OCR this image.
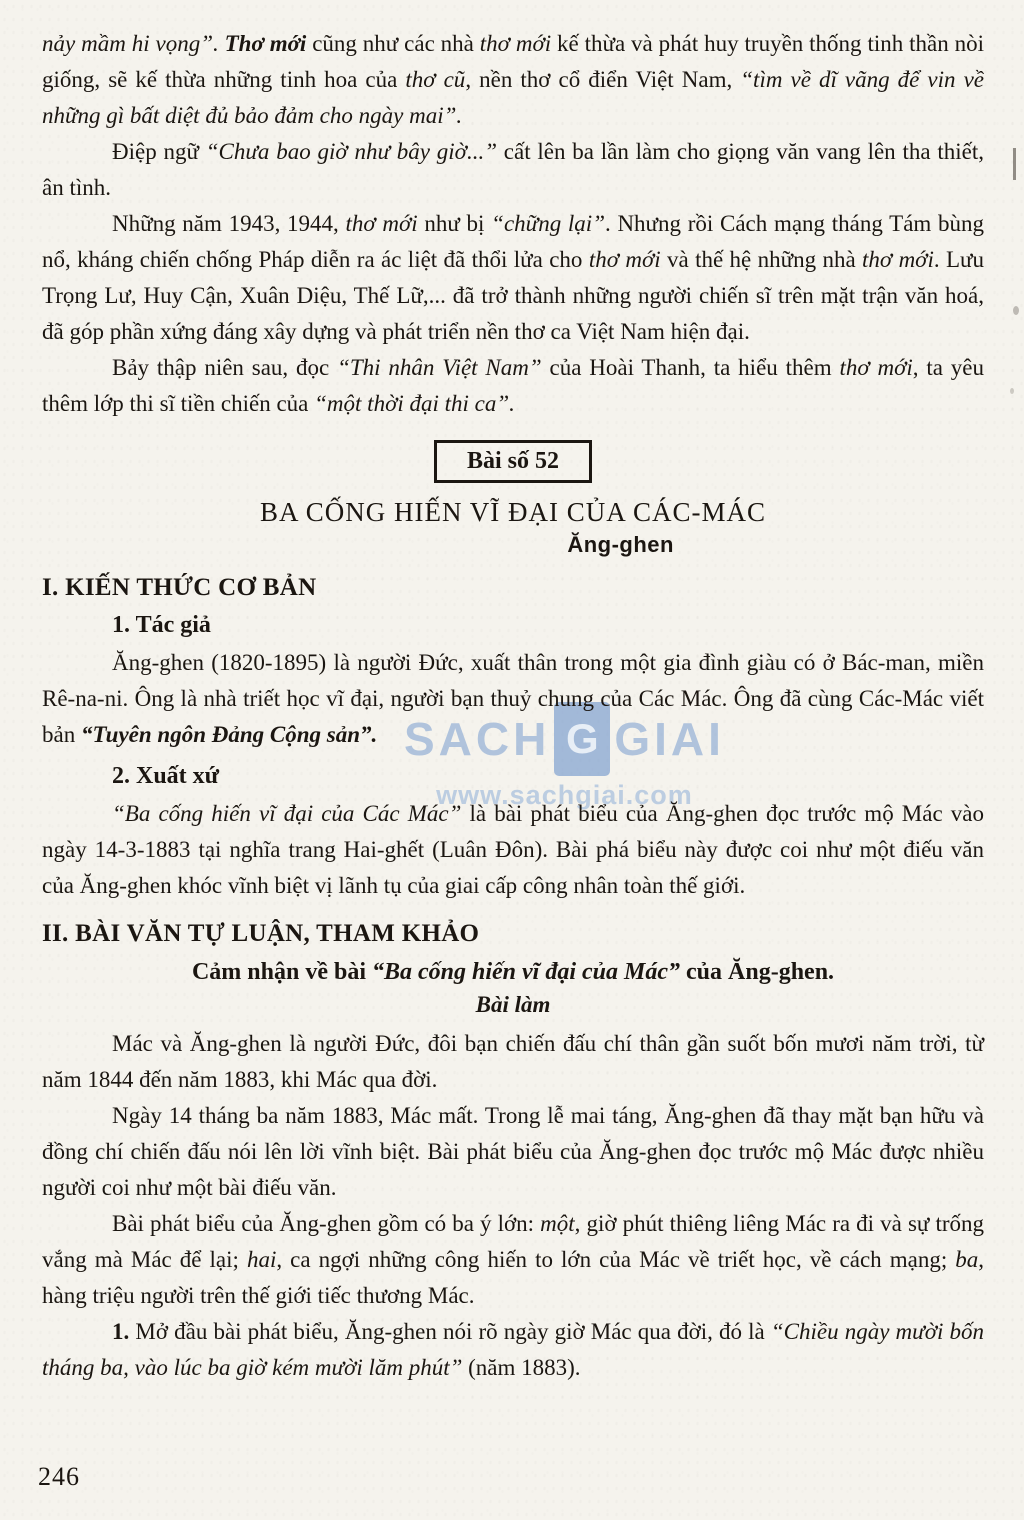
SACH G GIAI
www.sachgiai.com

nảy mầm hi vọng”. Thơ mới cũng như các nhà thơ mới kế thừa và phát huy truyền thống tinh thần nòi giống, sẽ kế thừa những tinh hoa của thơ cũ, nền thơ cổ điển Việt Nam, “tìm về dĩ vãng để vin về những gì bất diệt đủ bảo đảm cho ngày mai”.

Điệp ngữ “Chưa bao giờ như bây giờ...” cất lên ba lần làm cho giọng văn vang lên tha thiết, ân tình.

Những năm 1943, 1944, thơ mới như bị “chững lại”. Nhưng rồi Cách mạng tháng Tám bùng nổ, kháng chiến chống Pháp diễn ra ác liệt đã thổi lửa cho thơ mới và thế hệ những nhà thơ mới. Lưu Trọng Lư, Huy Cận, Xuân Diệu, Thế Lữ,... đã trở thành những người chiến sĩ trên mặt trận văn hoá, đã góp phần xứng đáng xây dựng và phát triển nền thơ ca Việt Nam hiện đại.

Bảy thập niên sau, đọc “Thi nhân Việt Nam” của Hoài Thanh, ta hiểu thêm thơ mới, ta yêu thêm lớp thi sĩ tiền chiến của “một thời đại thi ca”.

Bài số 52
BA CỐNG HIẾN VĨ ĐẠI CỦA CÁC-MÁC
Ăng-ghen
I. KIẾN THỨC CƠ BẢN
1. Tác giả

Ăng-ghen (1820-1895) là người Đức, xuất thân trong một gia đình giàu có ở Bác-man, miền Rê-na-ni. Ông là nhà triết học vĩ đại, người bạn thuỷ chung của Các Mác. Ông đã cùng Các-Mác viết bản “Tuyên ngôn Đảng Cộng sản”.

2. Xuất xứ

“Ba cống hiến vĩ đại của Các Mác” là bài phát biểu của Ăng-ghen đọc trước mộ Mác vào ngày 14-3-1883 tại nghĩa trang Hai-ghết (Luân Đôn). Bài phá biểu này được coi như một điếu văn của Ăng-ghen khóc vĩnh biệt vị lãnh tụ của giai cấp công nhân toàn thế giới.

II. BÀI VĂN TỰ LUẬN, THAM KHẢO

Cảm nhận về bài “Ba cống hiến vĩ đại của Mác” của Ăng-ghen.

Bài làm

Mác và Ăng-ghen là người Đức, đôi bạn chiến đấu chí thân gần suốt bốn mươi năm trời, từ năm 1844 đến năm 1883, khi Mác qua đời.

Ngày 14 tháng ba năm 1883, Mác mất. Trong lễ mai táng, Ăng-ghen đã thay mặt bạn hữu và đồng chí chiến đấu nói lên lời vĩnh biệt. Bài phát biểu của Ăng-ghen đọc trước mộ Mác được nhiều người coi như một bài điếu văn.

Bài phát biểu của Ăng-ghen gồm có ba ý lớn: một, giờ phút thiêng liêng Mác ra đi và sự trống vắng mà Mác để lại; hai, ca ngợi những công hiến to lớn của Mác về triết học, về cách mạng; ba, hàng triệu người trên thế giới tiếc thương Mác.

1. Mở đầu bài phát biểu, Ăng-ghen nói rõ ngày giờ Mác qua đời, đó là “Chiều ngày mười bốn tháng ba, vào lúc ba giờ kém mười lăm phút” (năm 1883).

246
